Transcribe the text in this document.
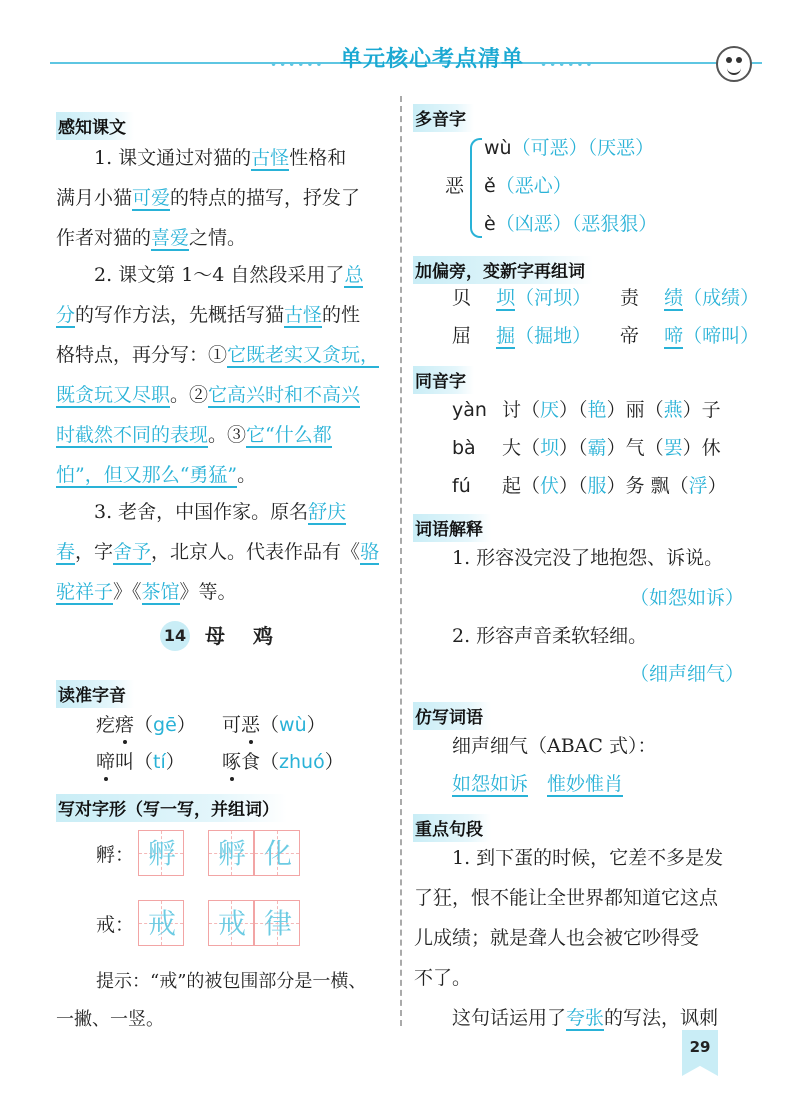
•••••• 单元核心考点清单 ••••••
感知课文
1. 课文通过对猫的古怪性格和
满月小猫可爱的特点的描写，抒发了
作者对猫的喜爱之情。
2. 课文第 1～4 自然段采用了总
分的写作方法，先概括写猫古怪的性
格特点，再分写：①它既老实又贪玩，
既贪玩又尽职。②它高兴时和不高兴
时截然不同的表现。③它“什么都
怕”，但又那么“勇猛”。
3. 老舍，中国作家。原名舒庆
春，字舍予，北京人。代表作品有《骆
驼祥子》《茶馆》等。
14 母鸡
读准字音
疙瘩（gē） 可恶（wù）
啼叫（tí） 啄食（zhuó）
写对字形（写一写，并组词）
孵： 孵	孵 化
戒： 戒	戒 律
提示：“戒”的被包围部分是一横、
一撇、一竖。
多音字
恶
wù（可恶）（厌恶）
ě（恶心）
è（凶恶）（恶狠狠）
加偏旁，变新字再组词
贝　 坝（河坝） 责　 绩（成绩）
屈　 掘（掘地） 帝　 啼（啼叫）
同音字
yàn 讨（厌）（艳）丽（燕）子
bà 大（坝）（霸）气（罢）休
fú 起（伏）（服）务 飘（浮）
词语解释
1. 形容没完没了地抱怨、诉说。
（如怨如诉）
2. 形容声音柔软轻细。
（细声细气）
仿写词语
细声细气（ABAC 式）：
如怨如诉　 惟妙惟肖
重点句段
1. 到下蛋的时候，它差不多是发
了狂，恨不能让全世界都知道它这点
儿成绩；就是聋人也会被它吵得受
不了。
这句话运用了夸张的写法，讽刺
29
